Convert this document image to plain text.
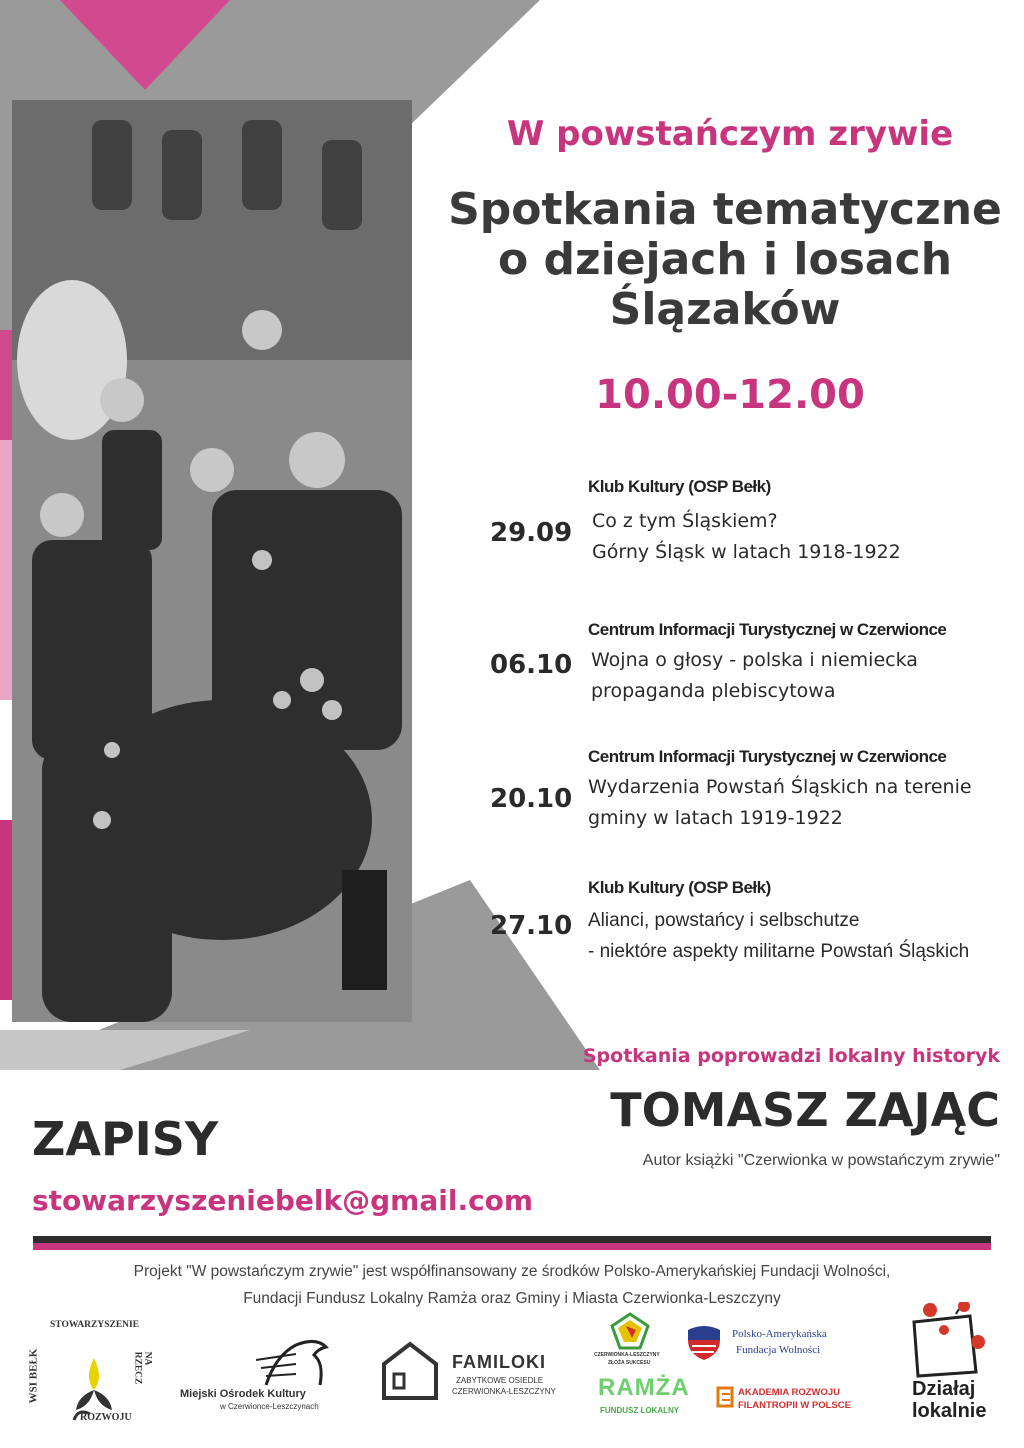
W powstańczym zrywie
Spotkania tematyczne
o dziejach i losach
Ślązaków
10.00-12.00
Klub Kultury (OSP Bełk)
29.09 Co z tym Śląskiem?
Górny Śląsk w latach 1918-1922
Centrum Informacji Turystycznej w Czerwionce
06.10 Wojna o głosy - polska i niemiecka
propaganda plebiscytowa
Centrum Informacji Turystycznej w Czerwionce
20.10 Wydarzenia Powstań Śląskich na terenie
gminy w latach 1919-1922
Klub Kultury (OSP Bełk)
27.10 Alianci, powstańcy i selbschutze
- niektóre aspekty militarne Powstań Śląskich
Spotkania poprowadzi lokalny historyk
TOMASZ ZAJĄC
Autor książki "Czerwionka w powstańczym zrywie"
ZAPISY
stowarzyszeniebelk@gmail.com
Projekt "W powstańczym zrywie" jest współfinansowany ze środków Polsko-Amerykańskiej Fundacji Wolności,
Fundacji Fundusz Lokalny Ramża oraz Gminy i Miasta Czerwionka-Leszczyny
STOWARZYSZENIE
WSI BEŁK	NA RZECZ
ROZWOJU
Miejski Ośrodek Kultury
w Czerwionce-Leszczynach
FAMILOKI
ZABYTKOWE OSIEDLE
CZERWIONKA-LESZCZYNY
CZERWIONKA-LESZCZYNY
ZŁOŻA SUKCESU
RAMŻA
FUNDUSZ LOKALNY
Polsko-Amerykańska
Fundacja Wolności
AKADEMIA ROZWOJU
FILANTROPII W POLSCE
Działaj
lokalnie
